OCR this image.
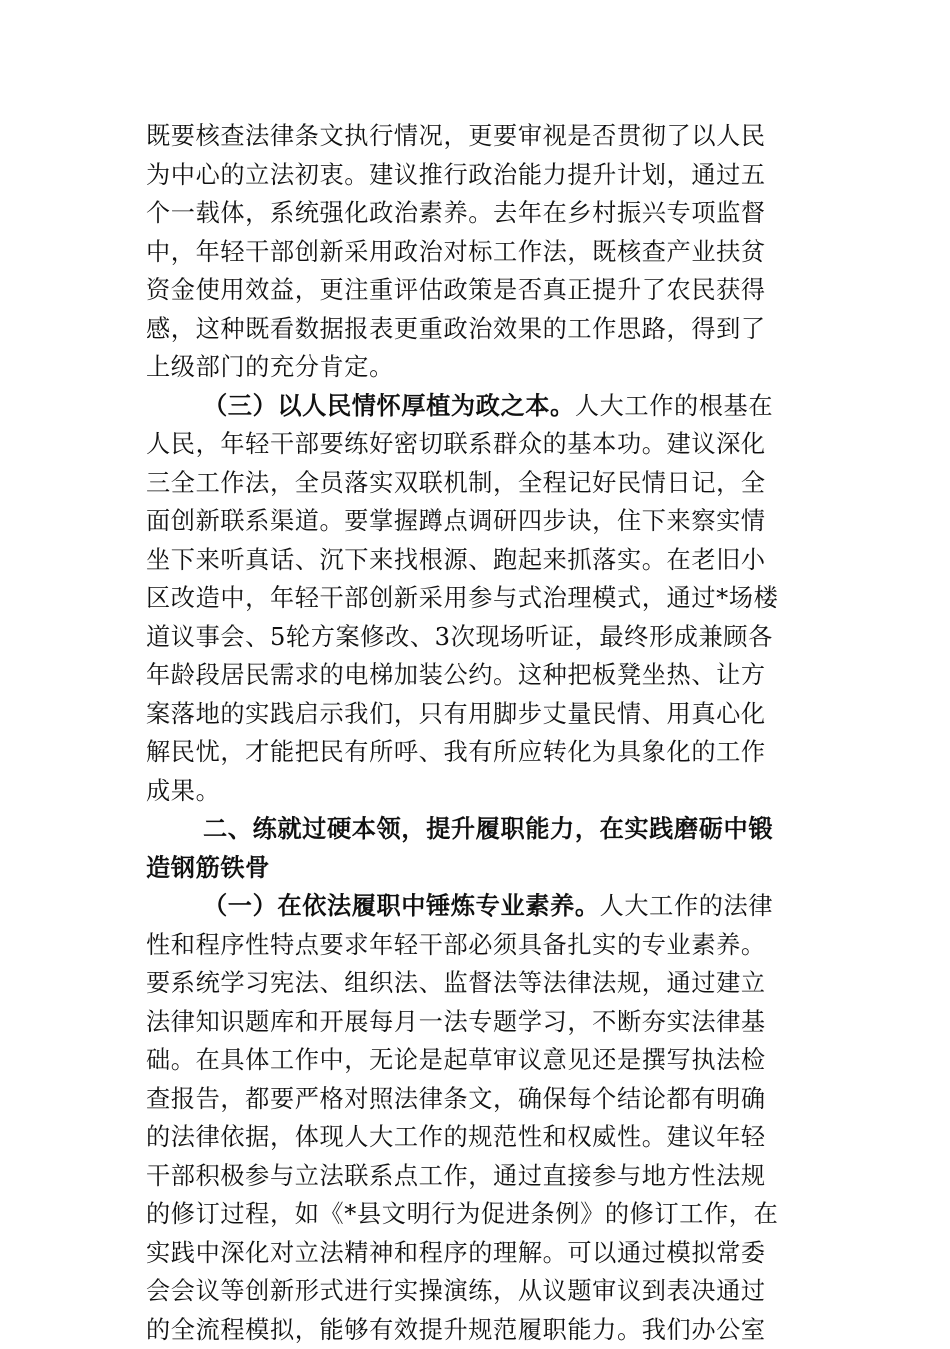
既要核查法律条文执行情况，更要审视是否贯彻了以人民
为中心的立法初衷。建议推行政治能力提升计划，通过五
个一载体，系统强化政治素养。去年在乡村振兴专项监督
中，年轻干部创新采用政治对标工作法，既核查产业扶贫
资金使用效益，更注重评估政策是否真正提升了农民获得
感，这种既看数据报表更重政治效果的工作思路，得到了
上级部门的充分肯定。
（三）以人民情怀厚植为政之本。人大工作的根基在
人民，年轻干部要练好密切联系群众的基本功。建议深化
三全工作法，全员落实双联机制，全程记好民情日记，全
面创新联系渠道。要掌握蹲点调研四步诀，住下来察实情
坐下来听真话、沉下来找根源、跑起来抓落实。在老旧小
区改造中，年轻干部创新采用参与式治理模式，通过*场楼
道议事会、5轮方案修改、3次现场听证，最终形成兼顾各
年龄段居民需求的电梯加装公约。这种把板凳坐热、让方
案落地的实践启示我们，只有用脚步丈量民情、用真心化
解民忧，才能把民有所呼、我有所应转化为具象化的工作
成果。
二、练就过硬本领，提升履职能力，在实践磨砺中锻
造钢筋铁骨
（一）在依法履职中锤炼专业素养。人大工作的法律
性和程序性特点要求年轻干部必须具备扎实的专业素养。
要系统学习宪法、组织法、监督法等法律法规，通过建立
法律知识题库和开展每月一法专题学习，不断夯实法律基
础。在具体工作中，无论是起草审议意见还是撰写执法检
查报告，都要严格对照法律条文，确保每个结论都有明确
的法律依据，体现人大工作的规范性和权威性。建议年轻
干部积极参与立法联系点工作，通过直接参与地方性法规
的修订过程，如《*县文明行为促进条例》的修订工作，在
实践中深化对立法精神和程序的理解。可以通过模拟常委
会会议等创新形式进行实操演练，从议题审议到表决通过
的全流程模拟，能够有效提升规范履职能力。我们办公室
